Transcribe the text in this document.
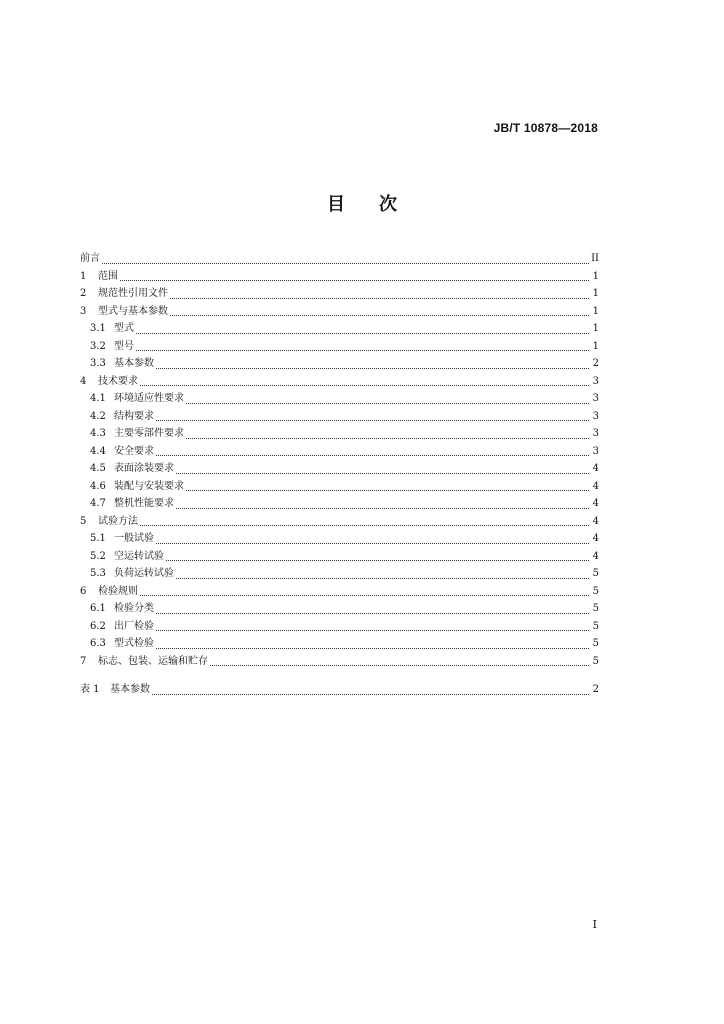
JB/T 10878—2018
目 次
前言	II
1	范围	1
2	规范性引用文件	1
3	型式与基本参数	1
3.1 型式	1
3.2 型号	1
3.3 基本参数	2
4	技术要求	3
4.1 环境适应性要求	3
4.2 结构要求	3
4.3 主要零部件要求	3
4.4 安全要求	3
4.5 表面涂装要求	4
4.6 装配与安装要求	4
4.7 整机性能要求	4
5	试验方法	4
5.1 一般试验	4
5.2 空运转试验	4
5.3 负荷运转试验	5
6	检验规则	5
6.1 检验分类	5
6.2 出厂检验	5
6.3 型式检验	5
7	标志、包装、运输和贮存	5
表 1	基本参数	2
I
